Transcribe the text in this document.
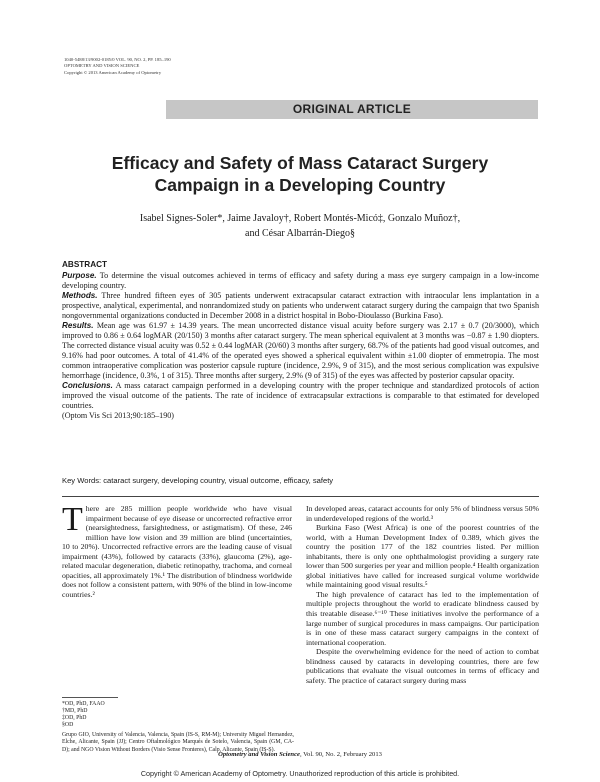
1040-5488/13/9002-0185/0 VOL. 90, NO. 2, PP. 185–190
OPTOMETRY AND VISION SCIENCE
Copyright © 2013 American Academy of Optometry
ORIGINAL ARTICLE
Efficacy and Safety of Mass Cataract Surgery
Campaign in a Developing Country
Isabel Signes-Soler*, Jaime Javaloy†, Robert Montés-Micó‡, Gonzalo Muñoz†,
and César Albarrán-Diego§
ABSTRACT

Purpose. To determine the visual outcomes achieved in terms of efficacy and safety during a mass eye surgery campaign in a low-income developing country.

Methods. Three hundred fifteen eyes of 305 patients underwent extracapsular cataract extraction with intraocular lens implantation in a prospective, analytical, experimental, and nonrandomized study on patients who underwent cataract surgery during the campaign that two Spanish nongovernmental organizations conducted in December 2008 in a district hospital in Bobo-Dioulasso (Burkina Faso).

Results. Mean age was 61.97 ± 14.39 years. The mean uncorrected distance visual acuity before surgery was 2.17 ± 0.7 (20/3000), which improved to 0.86 ± 0.64 logMAR (20/150) 3 months after cataract surgery. The mean spherical equivalent at 3 months was −0.87 ± 1.90 diopters. The corrected distance visual acuity was 0.52 ± 0.44 logMAR (20/60) 3 months after surgery, 68.7% of the patients had good visual outcomes, and 9.16% had poor outcomes. A total of 41.4% of the operated eyes showed a spherical equivalent within ±1.00 diopter of emmetropia. The most common intraoperative complication was posterior capsule rupture (incidence, 2.9%, 9 of 315), and the most serious complication was expulsive hemorrhage (incidence, 0.3%, 1 of 315). Three months after surgery, 2.9% (9 of 315) of the eyes was affected by posterior capsular opacity.

Conclusions. A mass cataract campaign performed in a developing country with the proper technique and standardized protocols of action improved the visual outcome of the patients. The rate of incidence of extracapsular extractions is comparable to that estimated for developed countries.

(Optom Vis Sci 2013;90:185–190)

Key Words: cataract surgery, developing country, visual outcome, efficacy, safety

There are 285 million people worldwide who have visual impairment because of eye disease or uncorrected refractive error (nearsightedness, farsightedness, or astigmatism). Of these, 246 million have low vision and 39 million are blind (uncertainties, 10 to 20%). Uncorrected refractive errors are the leading cause of visual impairment (43%), followed by cataracts (33%), glaucoma (2%), age-related macular degeneration, diabetic retinopathy, trachoma, and corneal opacities, all approximately 1%.¹ The distribution of blindness worldwide does not follow a consistent pattern, with 90% of the blind in low-income countries.²

In developed areas, cataract accounts for only 5% of blindness versus 50% in underdeveloped regions of the world.³

Burkina Faso (West Africa) is one of the poorest countries of the world, with a Human Development Index of 0.389, which gives the country the position 177 of the 182 countries listed. Per million inhabitants, there is only one ophthalmologist providing a surgery rate lower than 500 surgeries per year and million people.⁴ Health organization global initiatives have called for increased surgical volume worldwide while maintaining good visual results.⁵

The high prevalence of cataract has led to the implementation of multiple projects throughout the world to eradicate blindness caused by this treatable disease.⁶⁻¹⁰ These initiatives involve the performance of a large number of surgical procedures in mass campaigns. Our participation is in one of these mass cataract surgery campaigns in the context of international cooperation.

Despite the overwhelming evidence for the need of action to combat blindness caused by cataracts in developing countries, there are few publications that evaluate the visual outcomes in terms of efficacy and safety. The practice of cataract surgery during mass

*OD, PhD, FAAO
†MD, PhD
‡OD, PhD
§OD
Grupo GIO, University of Valencia, Valencia, Spain (IS-S, RM-M); University Miguel Hernandez, Elche, Alicante, Spain (JJ); Centro Oftalmológico Marqués de Sotelo, Valencia, Spain (GM, CA-D); and NGO Vision Without Borders (Visio Sense Fronteres), Calp, Alicante, Spain (IS-S).
Optometry and Vision Science, Vol. 90, No. 2, February 2013
Copyright © American Academy of Optometry. Unauthorized reproduction of this article is prohibited.
